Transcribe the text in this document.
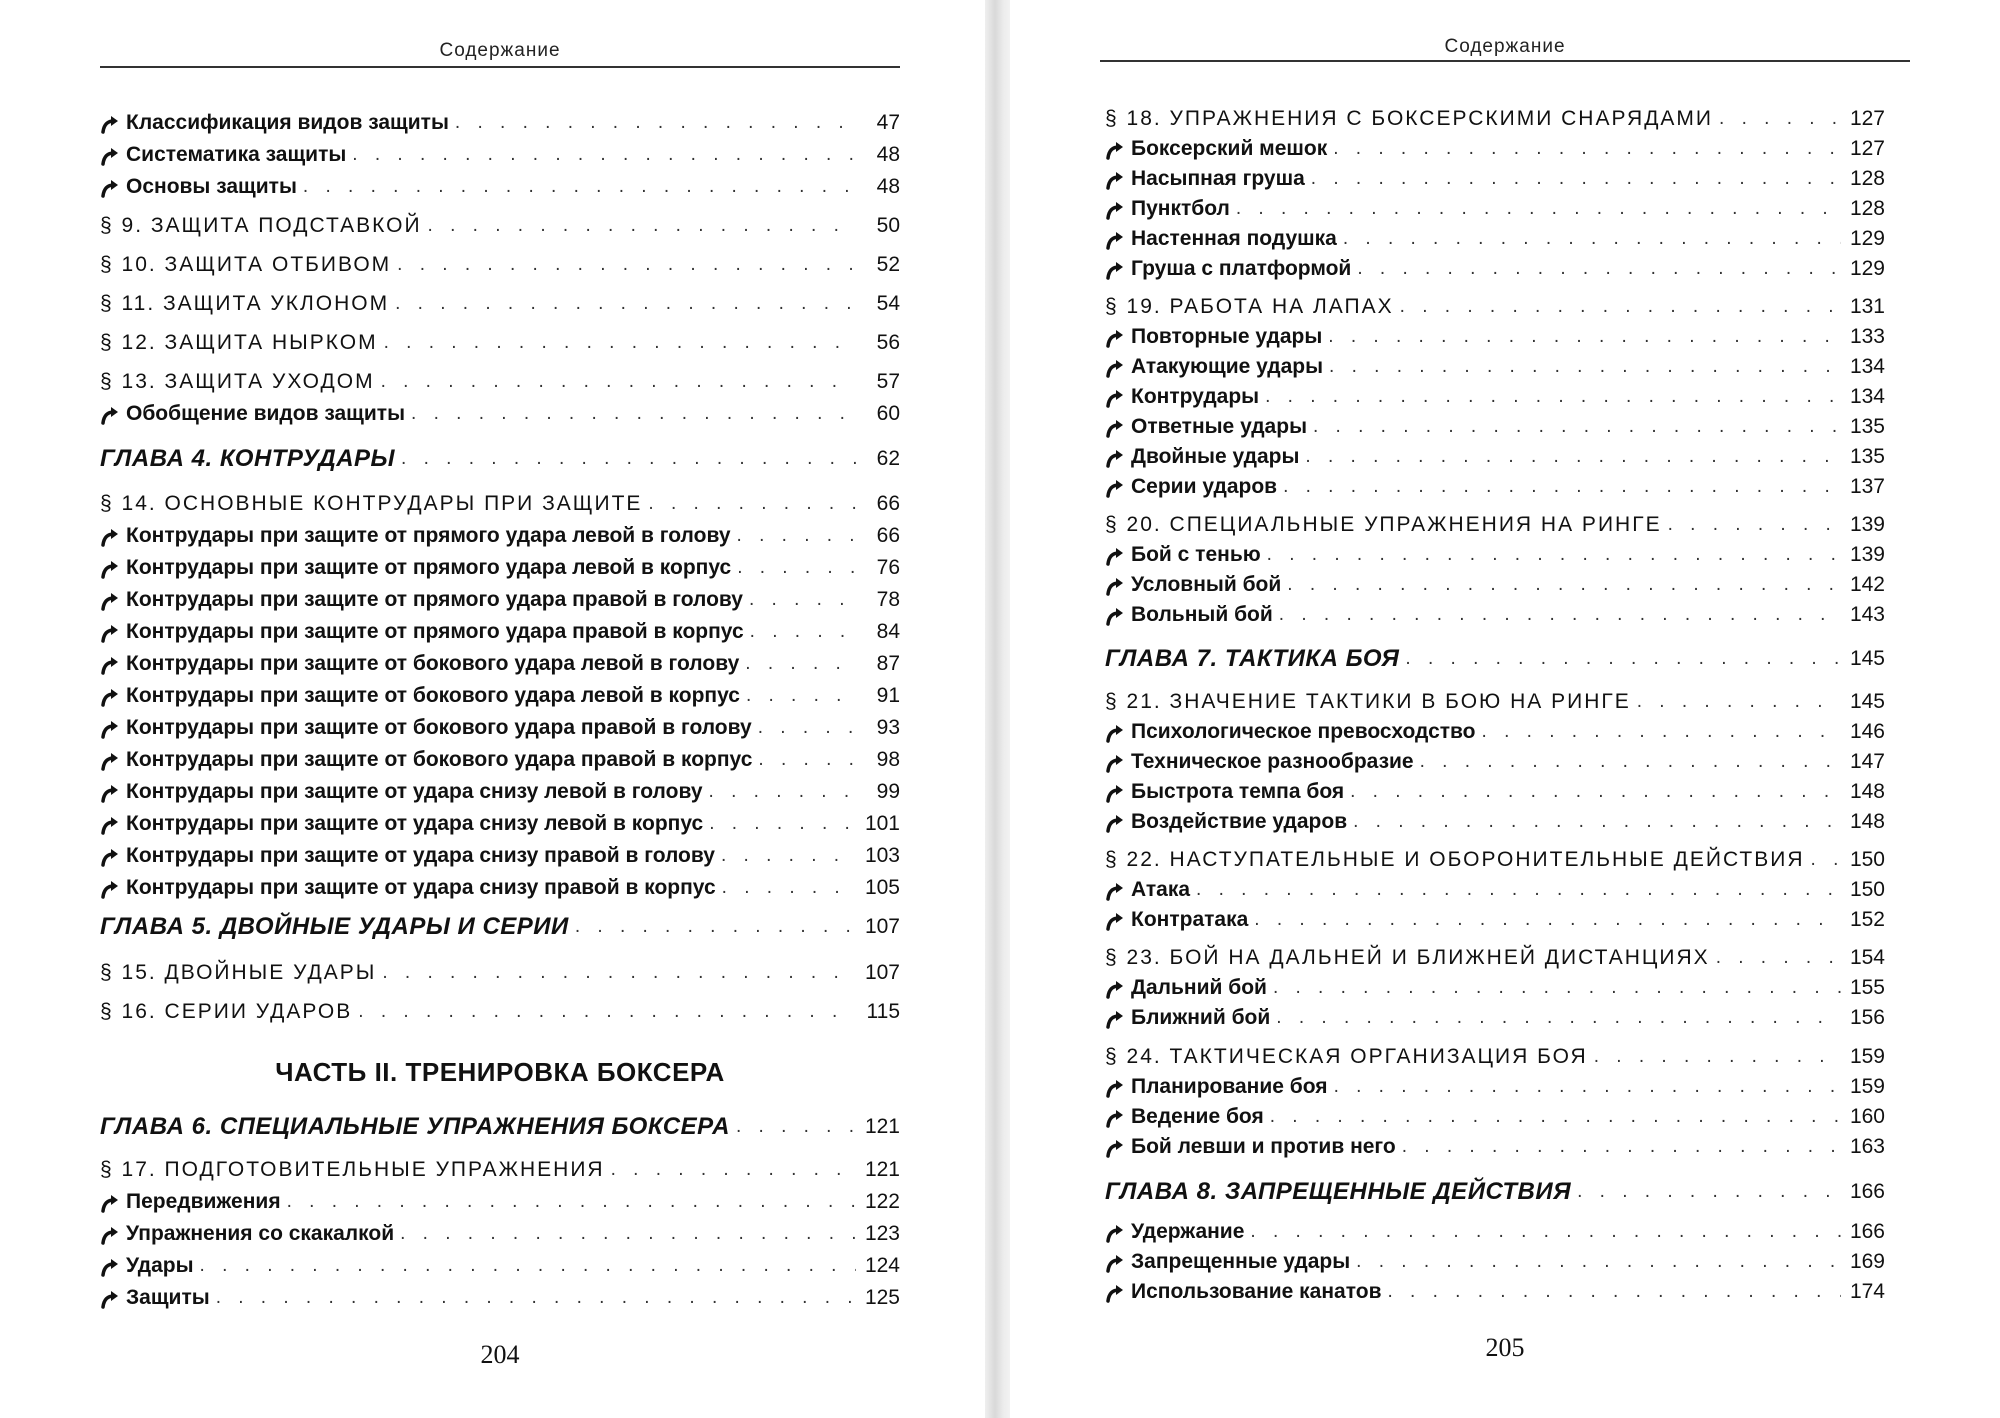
Содержание
Классификация видов защиты . . .	47
Систематика защиты . . .	48
Основы защиты . . .	48
§ 9. ЗАЩИТА ПОДСТАВКОЙ . . .	50
§ 10. ЗАЩИТА ОТБИВОМ . . .	52
§ 11. ЗАЩИТА УКЛОНОМ . . .	54
§ 12. ЗАЩИТА НЫРКОМ . . .	56
§ 13. ЗАЩИТА УХОДОМ . . .	57
Обобщение видов защиты . . .	60
ГЛАВА 4. КОНТРУДАРЫ . . .	62
§ 14. ОСНОВНЫЕ КОНТРУДАРЫ ПРИ ЗАЩИТЕ . . .	66
Контрудары при защите от прямого удара левой в голову . . .	66
Контрудары при защите от прямого удара левой в корпус . . .	76
Контрудары при защите от прямого удара правой в голову . . .	78
Контрудары при защите от прямого удара правой в корпус . . .	84
Контрудары при защите от бокового удара левой в голову . . .	87
Контрудары при защите от бокового удара левой в корпус . . .	91
Контрудары при защите от бокового удара правой в голову . . .	93
Контрудары при защите от бокового удара правой в корпус . . .	98
Контрудары при защите от удара снизу левой в голову . . .	99
Контрудары при защите от удара снизу левой в корпус . . .	101
Контрудары при защите от удара снизу правой в голову . . .	103
Контрудары при защите от удара снизу правой в корпус . . .	105
ГЛАВА 5. ДВОЙНЫЕ УДАРЫ И СЕРИИ . . .	107
§ 15. ДВОЙНЫЕ УДАРЫ . . .	107
§ 16. СЕРИИ УДАРОВ . . .	115
ГЛАВА 6. СПЕЦИАЛЬНЫЕ УПРАЖНЕНИЯ БОКСЕРА . . .	121
§ 17. ПОДГОТОВИТЕЛЬНЫЕ УПРАЖНЕНИЯ . . .	121
Передвижения . . .	122
Упражнения со скакалкой . . .	123
Удары . . .	124
Защиты . . .	125
ЧАСТЬ II. ТРЕНИРОВКА БОКСЕРА
204
Содержание
§ 18. УПРАЖНЕНИЯ С БОКСЕРСКИМИ СНАРЯДАМИ . . .	127
Боксерский мешок . . .	127
Насыпная груша . . .	128
Пунктбол . . .	128
Настенная подушка . . .	129
Груша с платформой . . .	129
§ 19. РАБОТА НА ЛАПАХ . . .	131
Повторные удары . . .	133
Атакующие удары . . .	134
Контрудары . . .	134
Ответные удары . . .	135
Двойные удары . . .	135
Серии ударов . . .	137
§ 20. СПЕЦИАЛЬНЫЕ УПРАЖНЕНИЯ НА РИНГЕ . . .	139
Бой с тенью . . .	139
Условный бой . . .	142
Вольный бой . . .	143
ГЛАВА 7. ТАКТИКА БОЯ . . .	145
§ 21. ЗНАЧЕНИЕ ТАКТИКИ В БОЮ НА РИНГЕ . . .	145
Психологическое превосходство . . .	146
Техническое разнообразие . . .	147
Быстрота темпа боя . . .	148
Воздействие ударов . . .	148
§ 22. НАСТУПАТЕЛЬНЫЕ И ОБОРОНИТЕЛЬНЫЕ ДЕЙСТВИЯ . . . 150
Атака . . .	150
Контратака . . .	152
§ 23. БОЙ НА ДАЛЬНЕЙ И БЛИЖНЕЙ ДИСТАНЦИЯХ . . .	154
Дальний бой . . .	155
Ближний бой . . .	156
§ 24. ТАКТИЧЕСКАЯ ОРГАНИЗАЦИЯ БОЯ . . .	159
Планирование боя . . .	159
Ведение боя . . .	160
Бой левши и против него . . .	163
ГЛАВА 8. ЗАПРЕЩЕННЫЕ ДЕЙСТВИЯ . . .	166
Удержание . . .	166
Запрещенные удары . . .	169
Использование канатов . . .	174
205
